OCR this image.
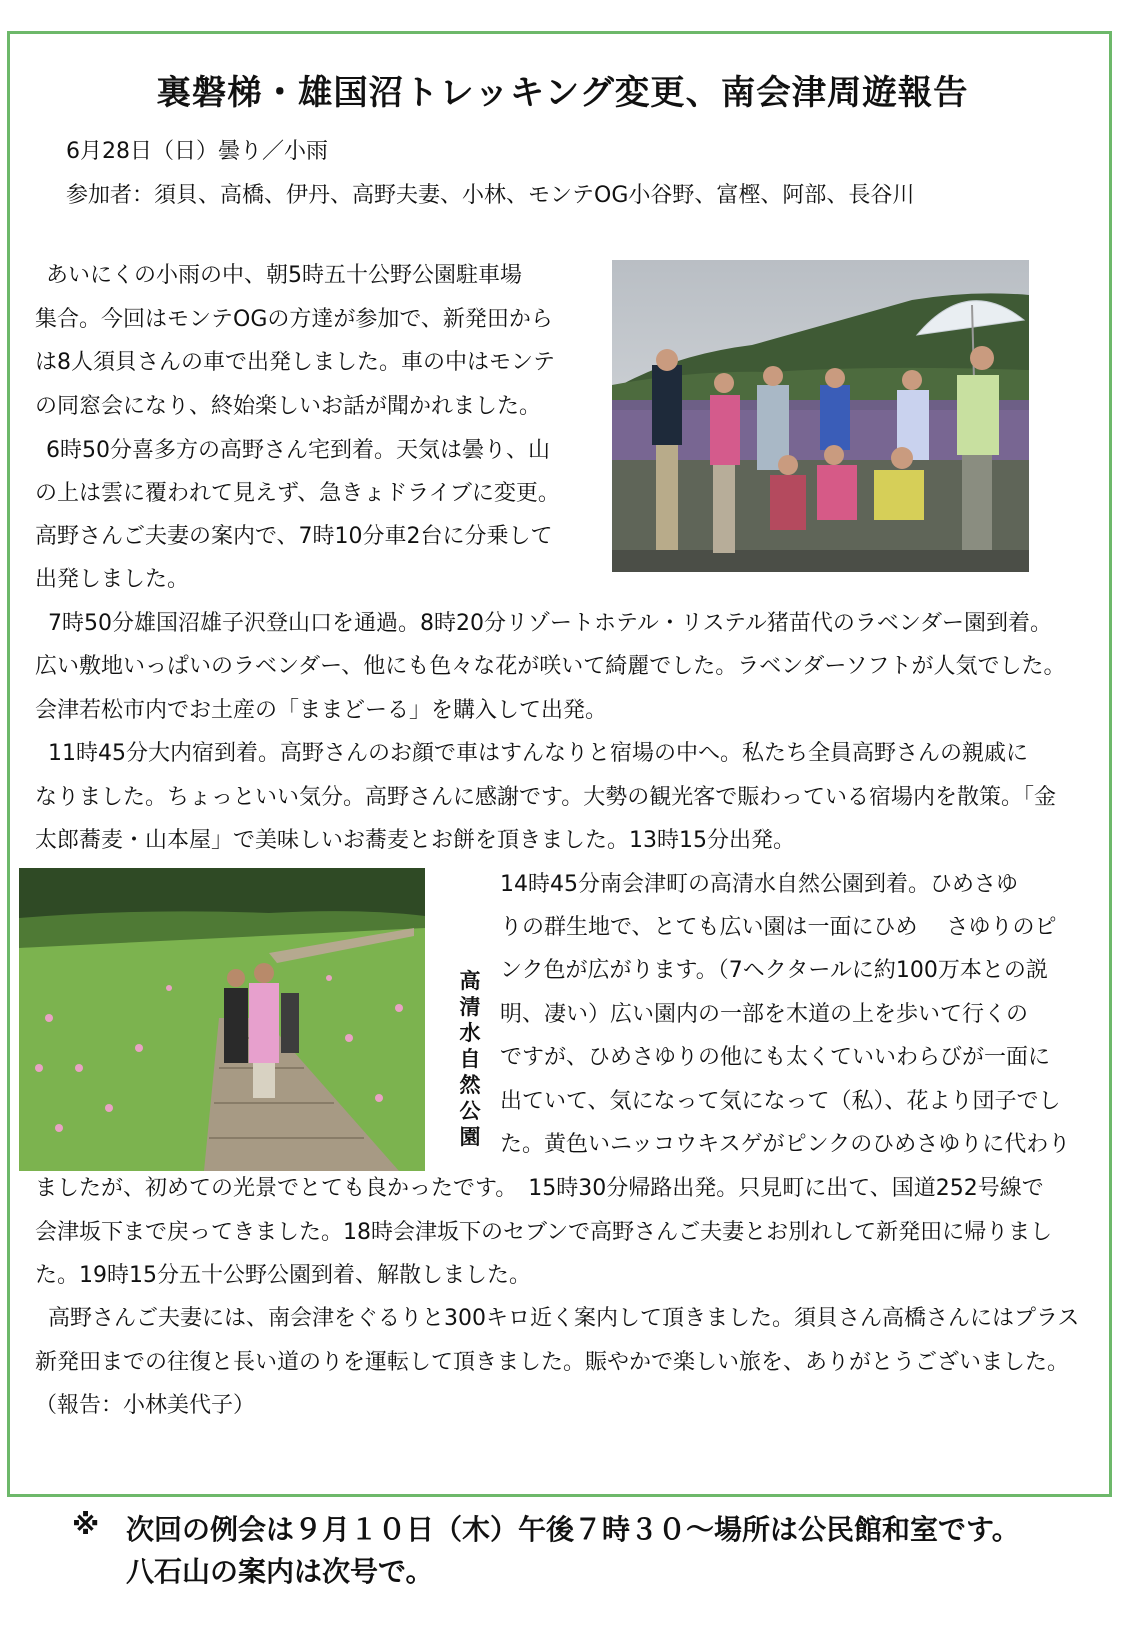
裏磐梯・雄国沼トレッキング変更、南会津周遊報告
6月28日（日）曇り／小雨
参加者：須貝、高橋、伊丹、高野夫妻、小林、モンテOG小谷野、富樫、阿部、長谷川
あいにくの小雨の中、朝5時五十公野公園駐車場
集合。今回はモンテOGの方達が参加で、新発田から
は8人須貝さんの車で出発しました。車の中はモンテ
の同窓会になり、終始楽しいお話が聞かれました。
6時50分喜多方の高野さん宅到着。天気は曇り、山
の上は雲に覆われて見えず、急きょドライブに変更。
高野さんご夫妻の案内で、7時10分車2台に分乗して
出発しました。
7時50分雄国沼雄子沢登山口を通過。8時20分リゾートホテル・リステル猪苗代のラベンダー園到着。
広い敷地いっぱいのラベンダー、他にも色々な花が咲いて綺麗でした。ラベンダーソフトが人気でした。
会津若松市内でお土産の「ままどーる」を購入して出発。
11時45分大内宿到着。高野さんのお顔で車はすんなりと宿場の中へ。私たち全員高野さんの親戚に
なりました。ちょっといい気分。高野さんに感謝です。大勢の観光客で賑わっている宿場内を散策。「金
太郎蕎麦・山本屋」で美味しいお蕎麦とお餅を頂きました。13時15分出発。
高
清
水
自
然
公
園
14時45分南会津町の高清水自然公園到着。ひめさゆ
りの群生地で、とても広い園は一面にひめ　 さゆりのピ
ンク色が広がります。（7ヘクタールに約100万本との説
明、凄い）広い園内の一部を木道の上を歩いて行くの
ですが、ひめさゆりの他にも太くていいわらびが一面に
出ていて、気になって気になって（私）、花より団子でし
た。黄色いニッコウキスゲがピンクのひめさゆりに代わり
ましたが、初めての光景でとても良かったです。　15時30分帰路出発。只見町に出て、国道252号線で
会津坂下まで戻ってきました。18時会津坂下のセブンで高野さんご夫妻とお別れして新発田に帰りまし
た。19時15分五十公野公園到着、解散しました。
高野さんご夫妻には、南会津をぐるりと300キロ近く案内して頂きました。須貝さん高橋さんにはプラス
新発田までの往復と長い道のりを運転して頂きました。賑やかで楽しい旅を、ありがとうございました。
（報告：小林美代子）
※ 次回の例会は９月１０日（木）午後７時３０～場所は公民館和室です。
八石山の案内は次号で。
